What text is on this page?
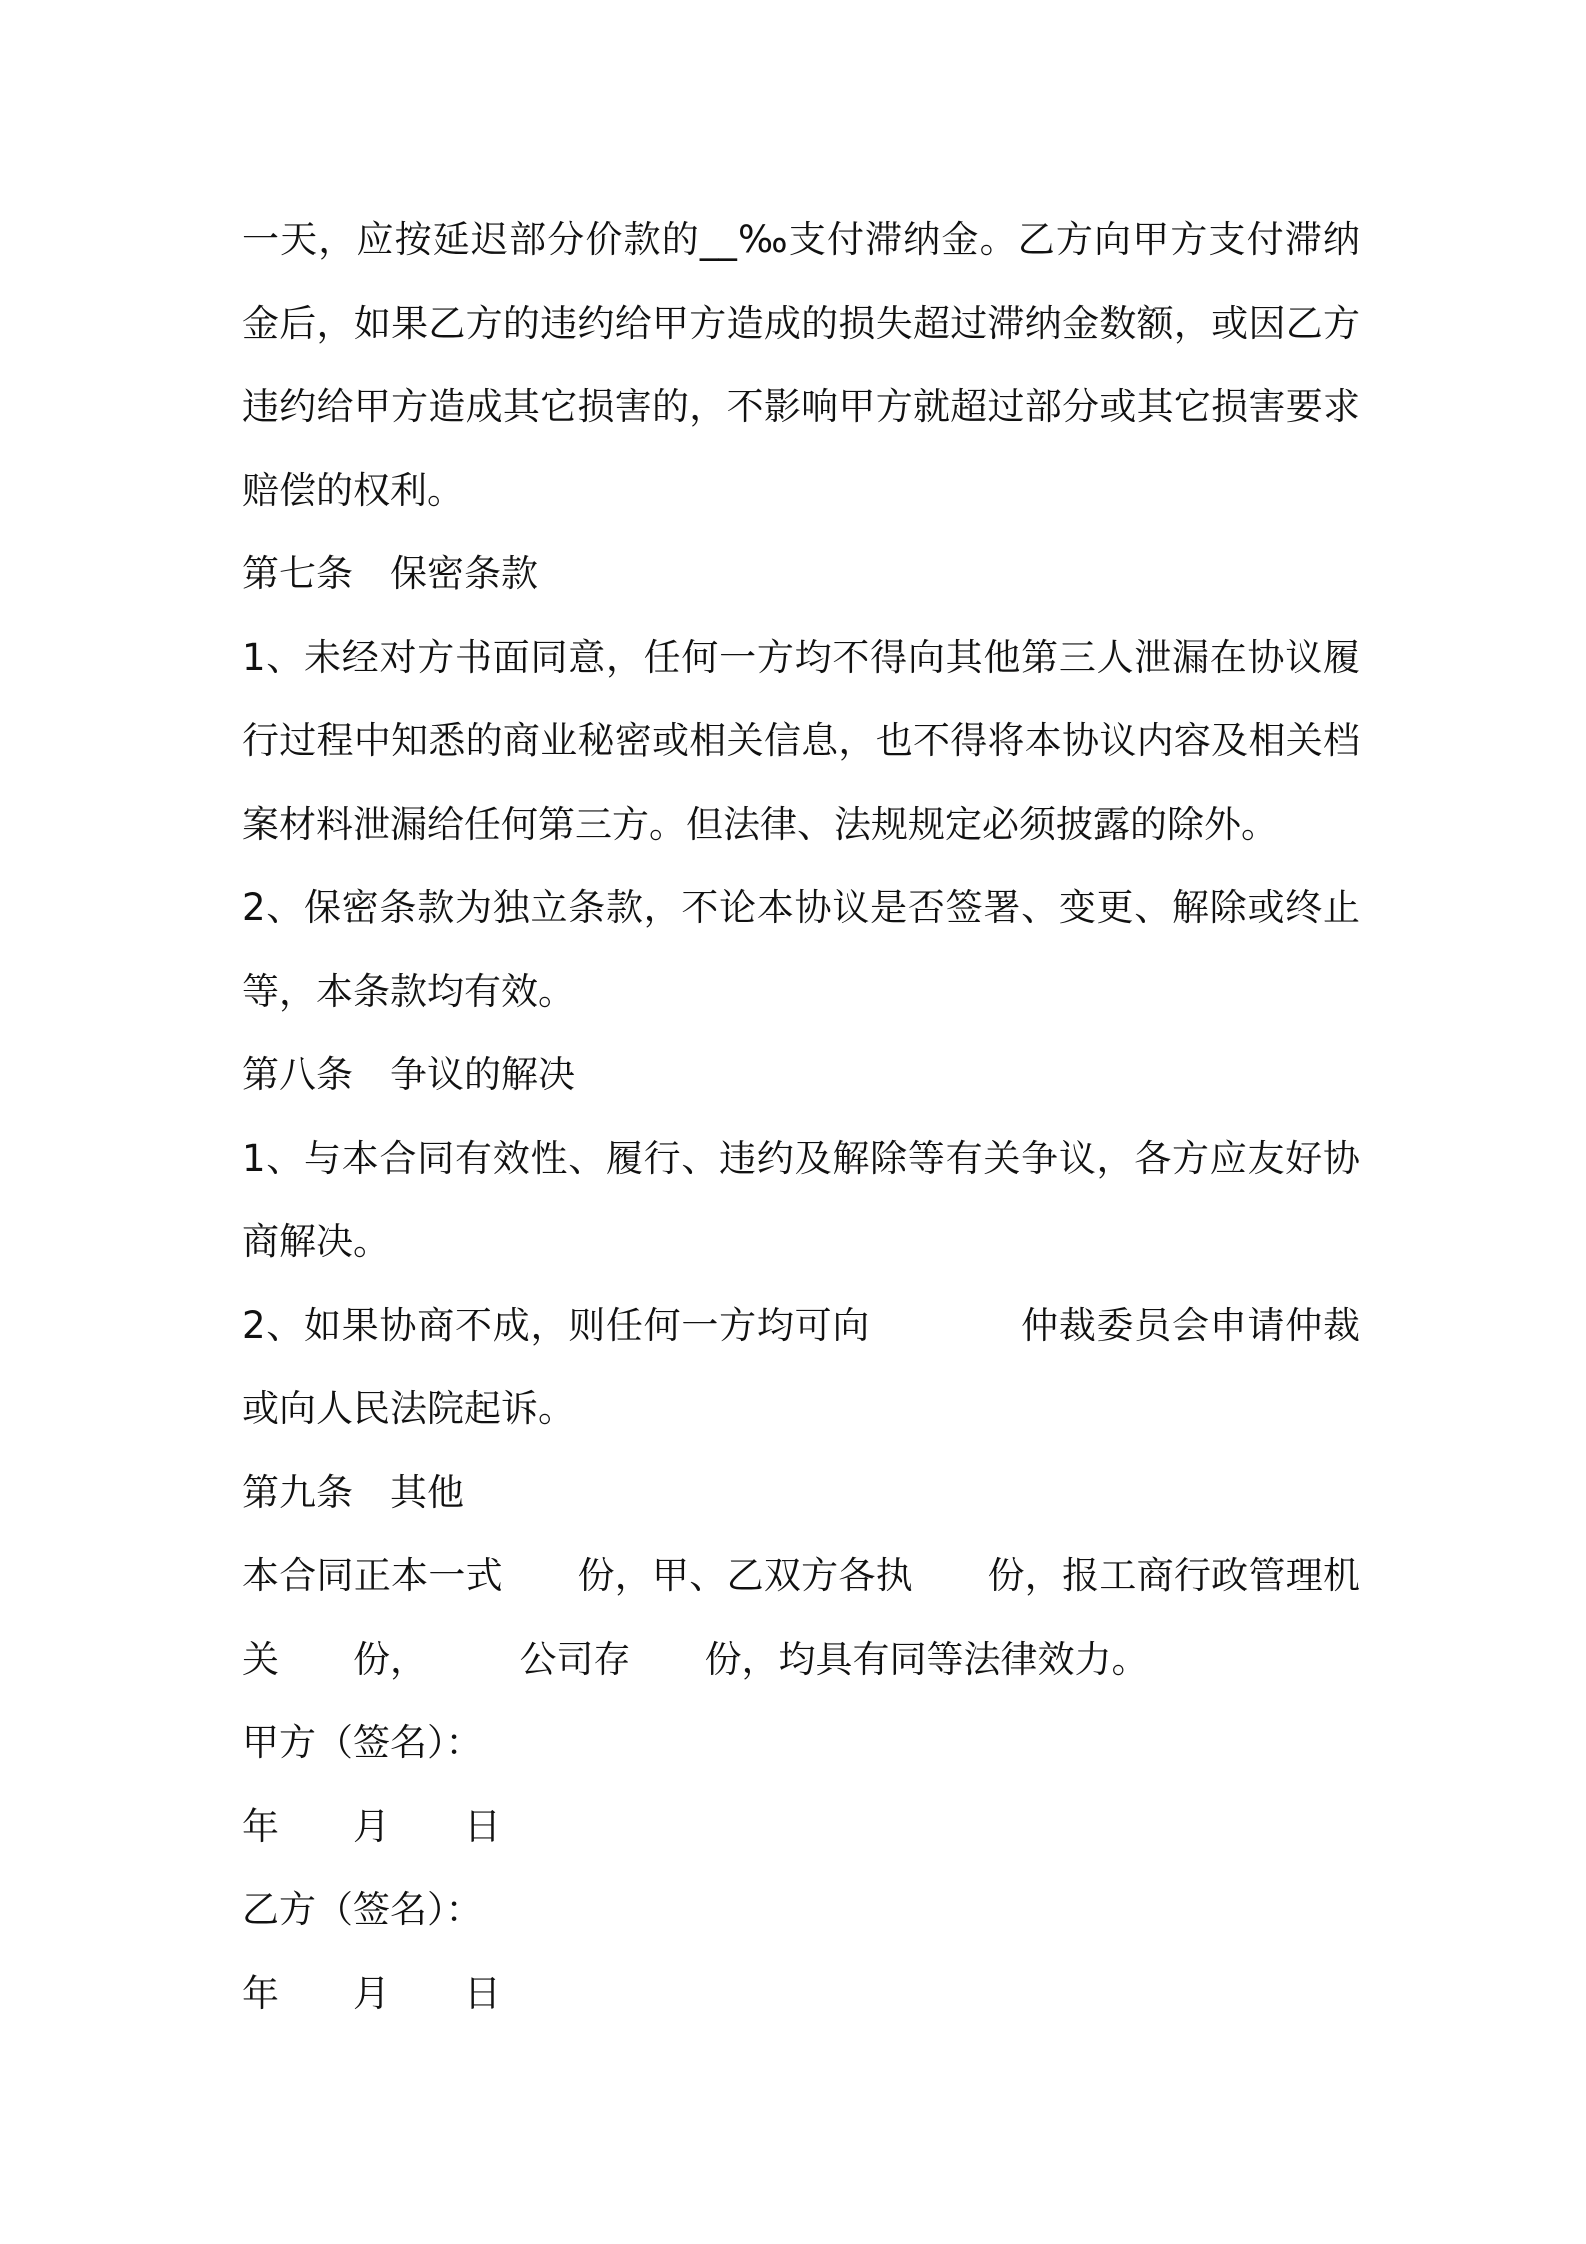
一天，应按延迟部分价款的__‰支付滞纳金。乙方向甲方支付滞纳金后，如果乙方的违约给甲方造成的损失超过滞纳金数额，或因乙方违约给甲方造成其它损害的，不影响甲方就超过部分或其它损害要求赔偿的权利。

第七条　保密条款

1、未经对方书面同意，任何一方均不得向其他第三人泄漏在协议履行过程中知悉的商业秘密或相关信息，也不得将本协议内容及相关档案材料泄漏给任何第三方。但法律、法规规定必须披露的除外。

2、保密条款为独立条款，不论本协议是否签署、变更、解除或终止等，本条款均有效。

第八条　争议的解决

1、与本合同有效性、履行、违约及解除等有关争议，各方应友好协商解决。

2、如果协商不成，则任何一方均可向　　　　仲裁委员会申请仲裁或向人民法院起诉。

第九条　其他

本合同正本一式　　份，甲、乙双方各执　　份，报工商行政管理机关　　份，　　　公司存　　份，均具有同等法律效力。

甲方（签名）：

年　　月　　日

乙方（签名）：

年　　月　　日
